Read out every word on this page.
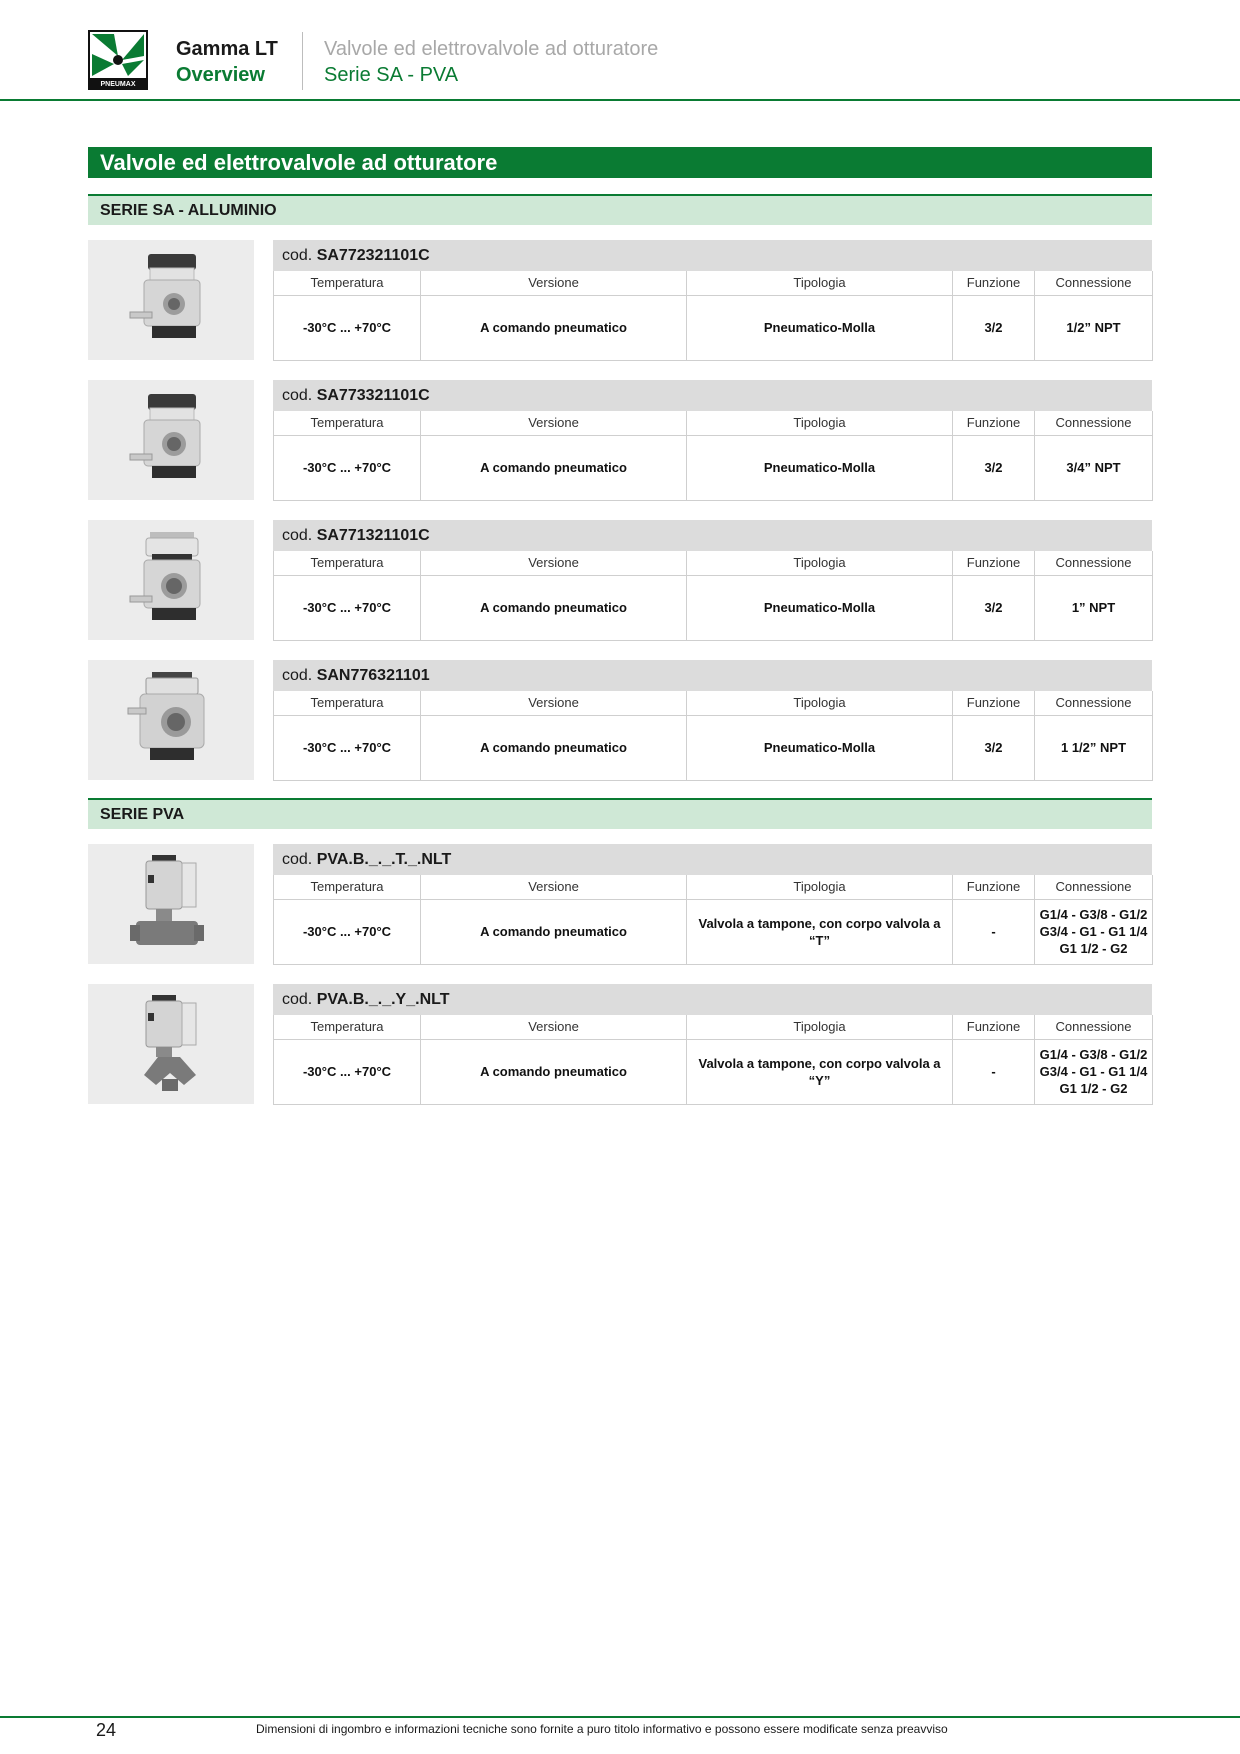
PNEUMAX
Gamma LT
Overview
Valvole ed elettrovalvole ad otturatore
Serie SA - PVA
Valvole ed elettrovalvole ad otturatore
SERIE SA - ALLUMINIO
cod. SA772321101C
Temperatura	Versione	Tipologia	Funzione	Connessione
-30°C ... +70°C	A comando pneumatico	Pneumatico-Molla	3/2	1/2” NPT
cod. SA773321101C
Temperatura	Versione	Tipologia	Funzione	Connessione
-30°C ... +70°C	A comando pneumatico	Pneumatico-Molla	3/2	3/4” NPT
cod. SA771321101C
Temperatura	Versione	Tipologia	Funzione	Connessione
-30°C ... +70°C	A comando pneumatico	Pneumatico-Molla	3/2	1” NPT
cod. SAN776321101
Temperatura	Versione	Tipologia	Funzione	Connessione
-30°C ... +70°C	A comando pneumatico	Pneumatico-Molla	3/2	1 1/2” NPT
SERIE PVA
cod. PVA.B._._.T._.NLT
Temperatura	Versione	Tipologia	Funzione	Connessione
-30°C ... +70°C	A comando pneumatico	Valvola a tampone, con corpo valvola a “T”	-	G1/4 - G3/8 - G1/2
G3/4 - G1 - G1 1/4
G1 1/2 - G2
cod. PVA.B._._.Y_.NLT
Temperatura	Versione	Tipologia	Funzione	Connessione
-30°C ... +70°C	A comando pneumatico	Valvola a tampone, con corpo valvola a “Y”	-	G1/4 - G3/8 - G1/2
G3/4 - G1 - G1 1/4
G1 1/2 - G2
24	Dimensioni di ingombro e informazioni tecniche sono fornite a puro titolo informativo e possono essere modificate senza preavviso
